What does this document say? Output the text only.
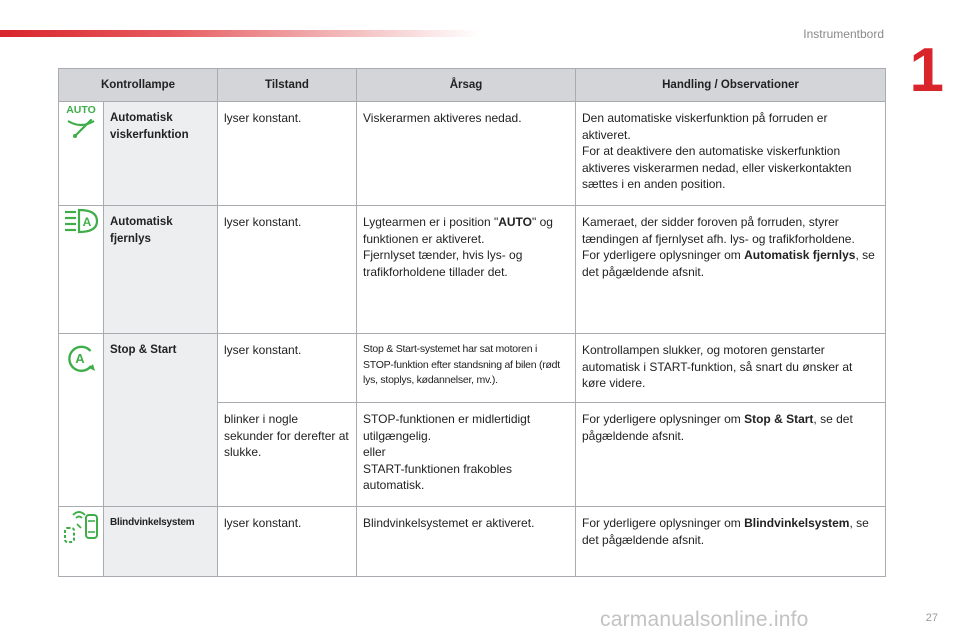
Instrumentbord
1
Kontrollampe		Tilstand	Årsag	Handling / Observationer

AUTO	Automatisk viskerfunktion	lyser konstant.	Viskerarmen aktiveres nedad.	Den automatiske viskerfunktion på forruden er aktiveret.
For at deaktivere den automatiske viskerfunktion aktiveres viskerarmen nedad, eller viskerkontakten sættes i en anden position.

A	Automatisk fjernlys	lyser konstant.	Lygtearmen er i position "AUTO" og funktionen er aktiveret.
Fjernlyset tænder, hvis lys- og trafikforholdene tillader det.	Kameraet, der sidder foroven på forruden, styrer tændingen af fjernlyset afh. lys- og trafikforholdene.
For yderligere oplysninger om Automatisk fjernlys, se det pågældende afsnit.

A	Stop & Start	lyser konstant.	Stop & Start-systemet har sat motoren i STOP-funktion efter standsning af bilen (rødt lys, stoplys, kødannelser, mv.).	Kontrollampen slukker, og motoren genstarter automatisk i START-funktion, så snart du ønsker at køre videre.
		blinker i nogle sekunder for derefter at slukke.	STOP-funktionen er midlertidigt utilgængelig.
eller
START-funktionen frakobles automatisk.	For yderligere oplysninger om Stop & Start, se det pågældende afsnit.

	Blindvinkelsystem	lyser konstant.	Blindvinkelsystemet er aktiveret.	For yderligere oplysninger om Blindvinkelsystem, se det pågældende afsnit.
27
carmanualsonline.info
